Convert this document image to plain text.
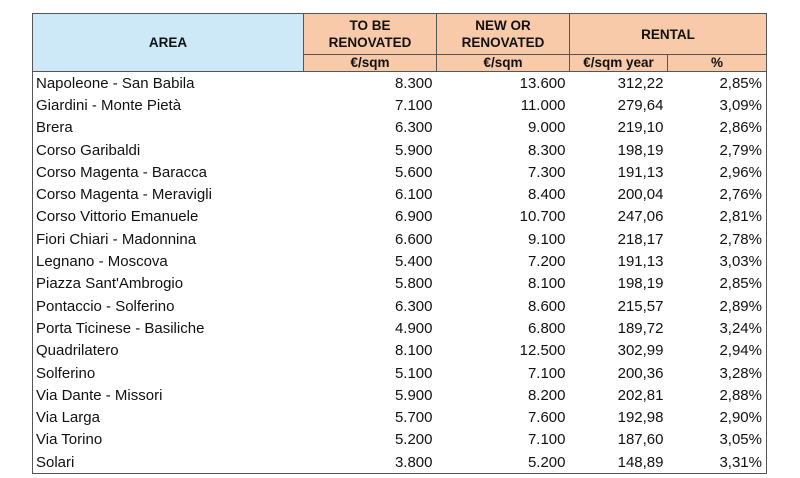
AREA	TO BE RENOVATED	NEW OR RENOVATED	RENTAL	
	€/sqm	€/sqm	€/sqm year	%
Napoleone - San Babila	8.300	13.600	312,22	2,85%
Giardini - Monte Pietà	7.100	11.000	279,64	3,09%
Brera	6.300	9.000	219,10	2,86%
Corso Garibaldi	5.900	8.300	198,19	2,79%
Corso Magenta - Baracca	5.600	7.300	191,13	2,96%
Corso Magenta - Meravigli	6.100	8.400	200,04	2,76%
Corso Vittorio Emanuele	6.900	10.700	247,06	2,81%
Fiori Chiari - Madonnina	6.600	9.100	218,17	2,78%
Legnano - Moscova	5.400	7.200	191,13	3,03%
Piazza Sant'Ambrogio	5.800	8.100	198,19	2,85%
Pontaccio - Solferino	6.300	8.600	215,57	2,89%
Porta Ticinese - Basiliche	4.900	6.800	189,72	3,24%
Quadrilatero	8.100	12.500	302,99	2,94%
Solferino	5.100	7.100	200,36	3,28%
Via Dante - Missori	5.900	8.200	202,81	2,88%
Via Larga	5.700	7.600	192,98	2,90%
Via Torino	5.200	7.100	187,60	3,05%
Solari	3.800	5.200	148,89	3,31%
